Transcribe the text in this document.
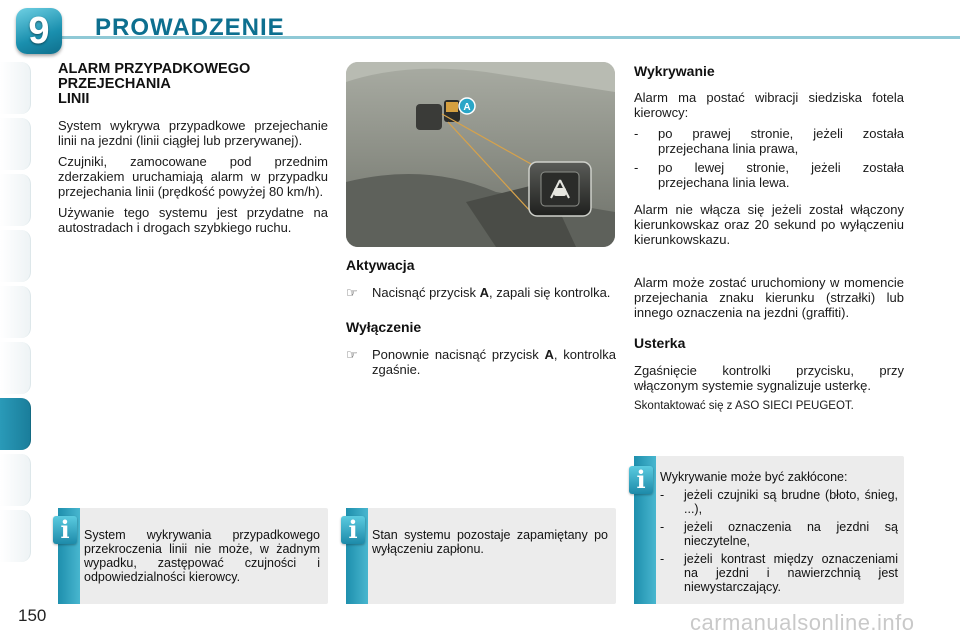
9 PROWADZENIE
ALARM PRZYPADKOWEGO
PRZEJECHANIA
LINII

System wykrywa przypadkowe przejechanie linii na jezdni (linii ciągłej lub przerywanej).

Czujniki, zamocowane pod przednim zderzakiem uruchamiają alarm w przypadku przejechania linii (prędkość powyżej 80 km/h).

Używanie tego systemu jest przydatne na autostradach i drogach szybkiego ruchu.

A
Aktywacja
☞ Nacisnąć przycisk A, zapali się kontrolka.
Wyłączenie
☞ Ponownie nacisnąć przycisk A, kontrolka zgaśnie.
Wykrywanie

Alarm ma postać wibracji siedziska fotela kierowcy:

- po prawej stronie, jeżeli została przejechana linia prawa,
- po lewej stronie, jeżeli została przejechana linia lewa.

Alarm nie włącza się jeżeli został włączony kierunkowskaz oraz 20 sekund po wyłączeniu kierunkowskazu.

Alarm może zostać uruchomiony w momencie przejechania znaku kierunku (strzałki) lub innego oznaczenia na jezdni (graffiti).

Usterka

Zgaśnięcie kontrolki przycisku, przy włączonym systemie sygnalizuje usterkę.

Skontaktować się z ASO SIECI PEUGEOT.

System wykrywania przypadkowego przekroczenia linii nie może, w żadnym wypadku, zastępować czujności i odpowiedzialności kierowcy.
i	Stan systemu pozostaje zapamiętany po wyłączeniu zapłonu.
i
Wykrywanie może być zakłócone:
- jeżeli czujniki są brudne (błoto, śnieg, ...),
- jeżeli oznaczenia na jezdni są nieczytelne,
- jeżeli kontrast między oznaczeniami na jezdni i nawierzchnią jest niewystarczający.
i
150	carmanualsonline.info
